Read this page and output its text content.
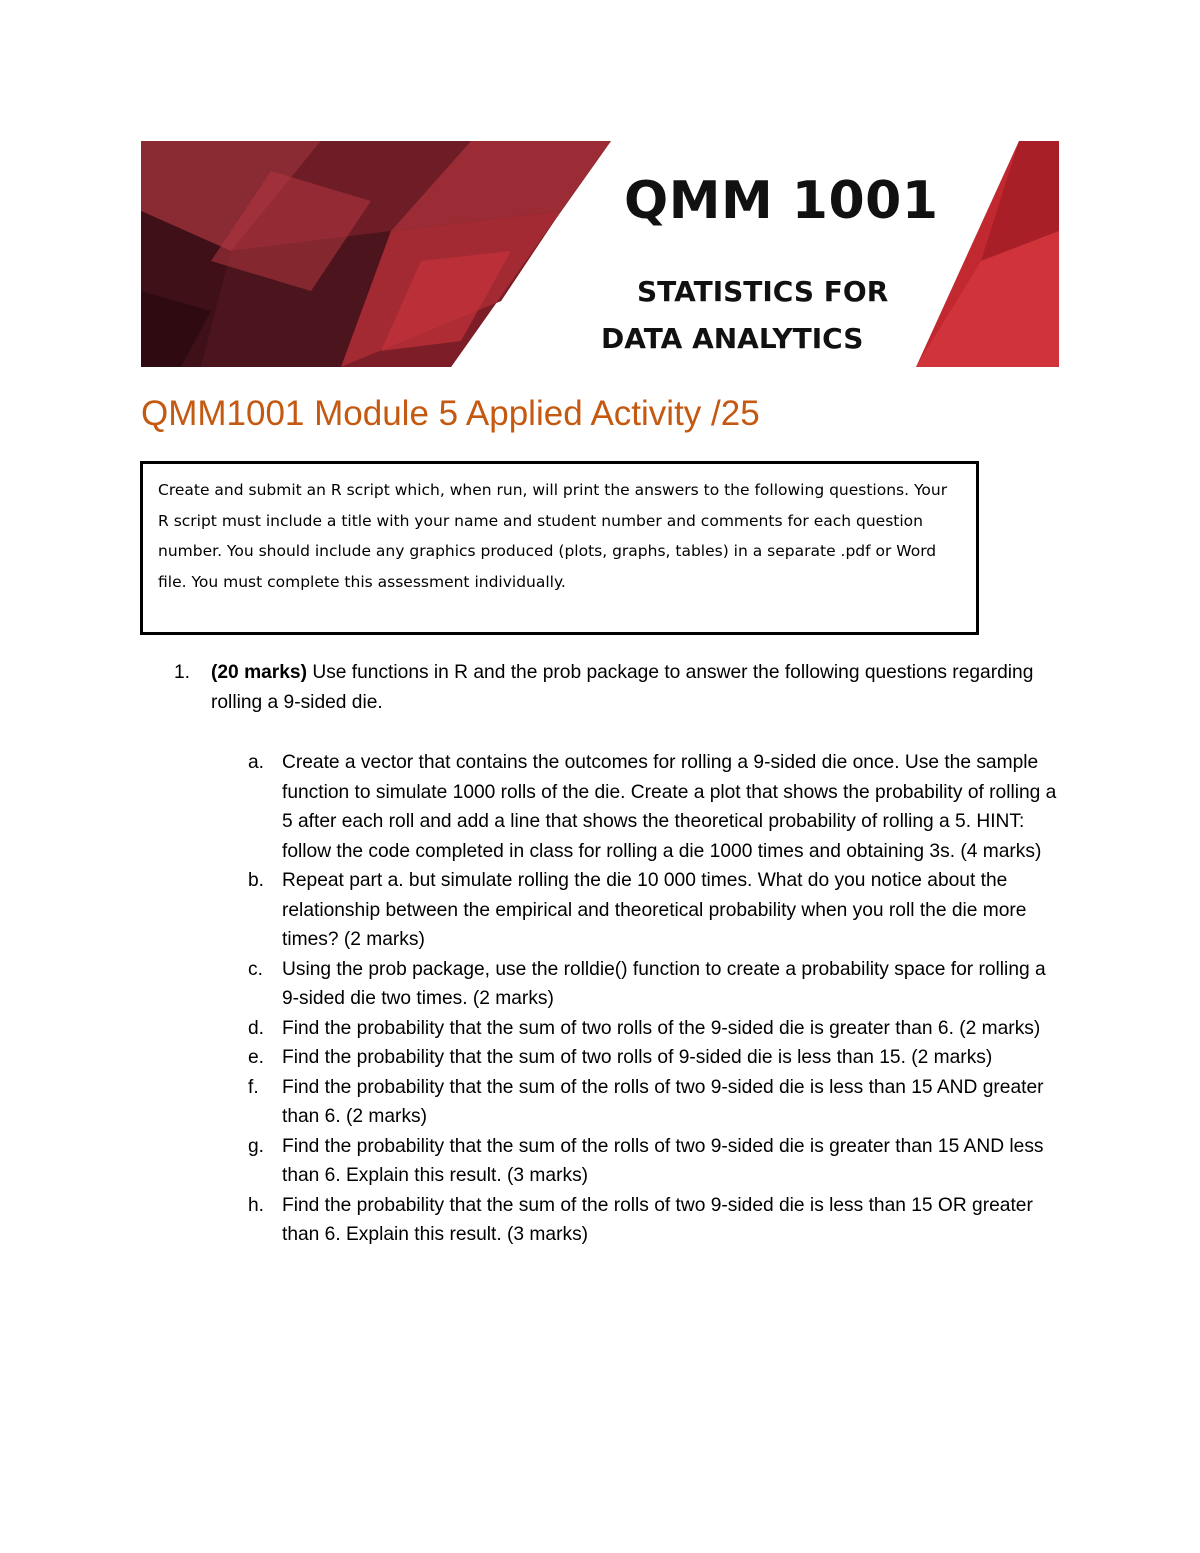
QMM 1001
STATISTICS FOR
DATA ANALYTICS
QMM1001 Module 5 Applied Activity /25

Create and submit an R script which, when run, will print the answers to the following questions. Your R script must include a title with your name and student number and comments for each question number. You should include any graphics produced (plots, graphs, tables) in a separate .pdf or Word file. You must complete this assessment individually.

1.	(20 marks) Use functions in R and the prob package to answer the following questions regarding rolling a 9-sided die.
a. Create a vector that contains the outcomes for rolling a 9-sided die once. Use the sample function to simulate 1000 rolls of the die. Create a plot that shows the probability of rolling a 5 after each roll and add a line that shows the theoretical probability of rolling a 5. HINT: follow the code completed in class for rolling a die 1000 times and obtaining 3s. (4 marks)
b. Repeat part a. but simulate rolling the die 10 000 times. What do you notice about the relationship between the empirical and theoretical probability when you roll the die more times? (2 marks)
c. Using the prob package, use the rolldie() function to create a probability space for rolling a 9-sided die two times. (2 marks)
d. Find the probability that the sum of two rolls of the 9-sided die is greater than 6. (2 marks)
e. Find the probability that the sum of two rolls of 9-sided die is less than 15. (2 marks)
f.	Find the probability that the sum of the rolls of two 9-sided die is less than 15 AND greater than 6. (2 marks)
g. Find the probability that the sum of the rolls of two 9-sided die is greater than 15 AND less than 6. Explain this result. (3 marks)
h. Find the probability that the sum of the rolls of two 9-sided die is less than 15 OR greater than 6. Explain this result. (3 marks)
